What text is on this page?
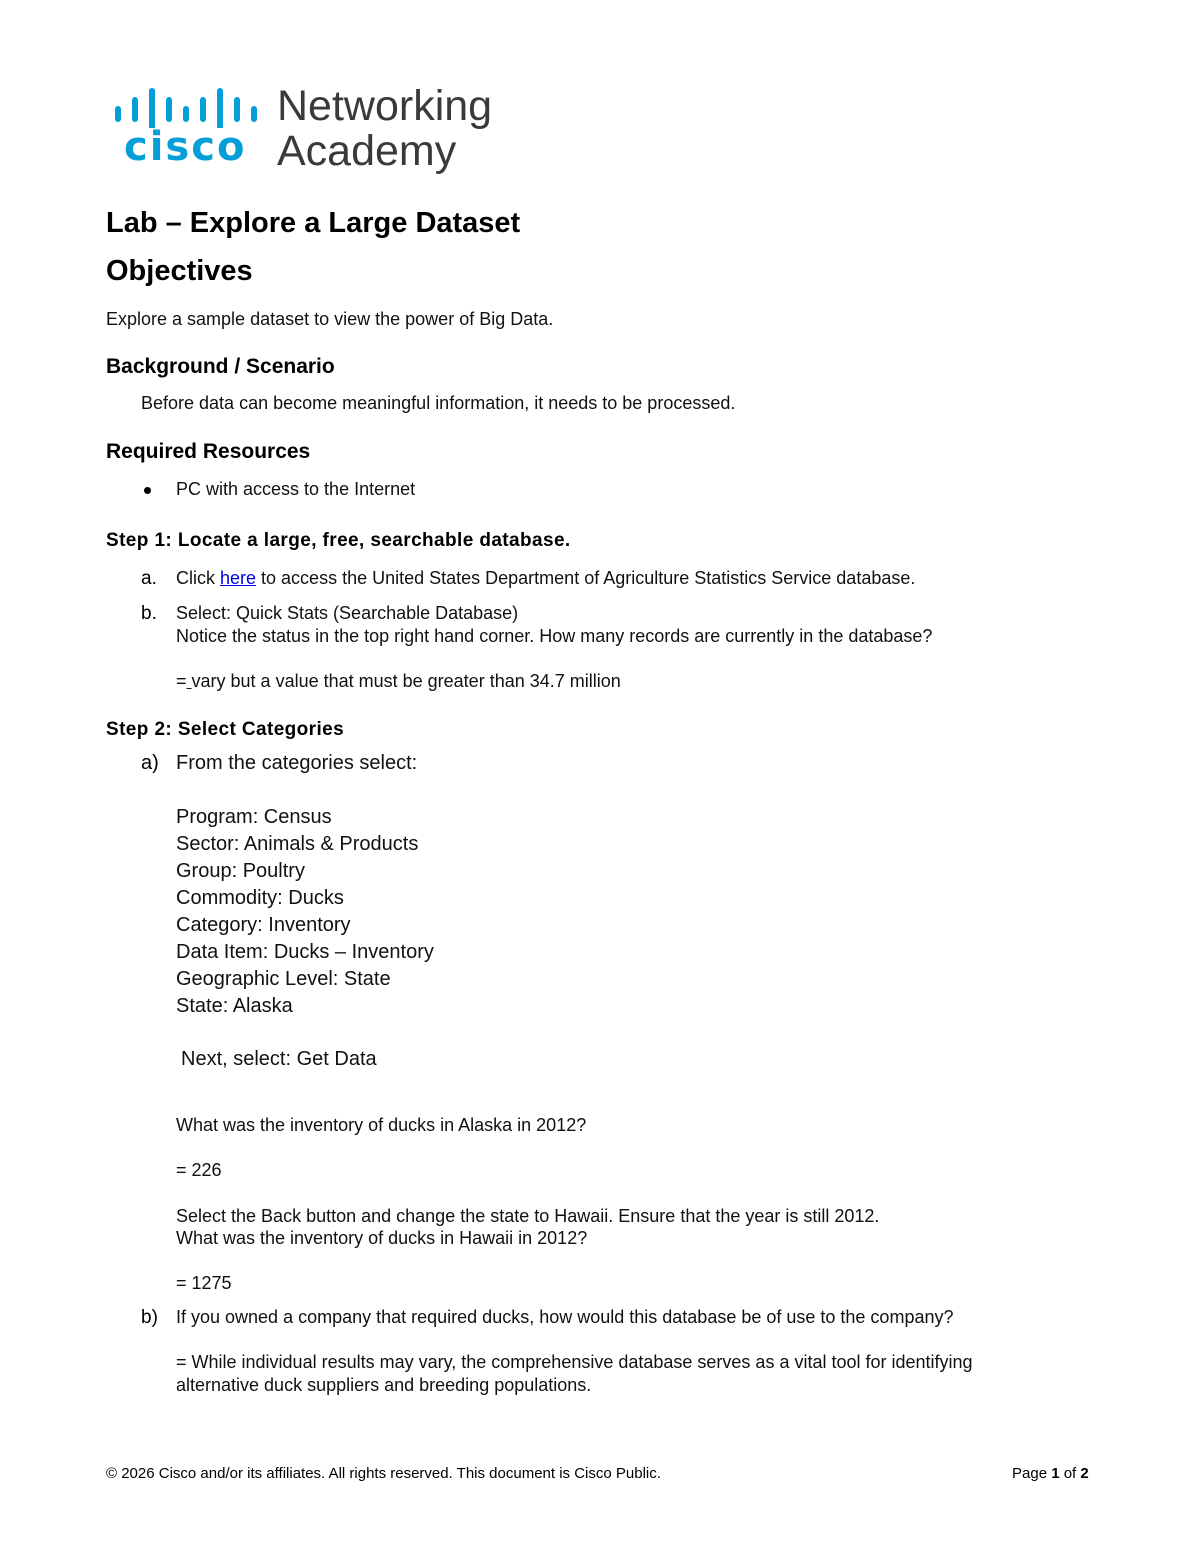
cisco
Networking
Academy
Lab – Explore a Large Dataset
Objectives
Explore a sample dataset to view the power of Big Data.
Background / Scenario
Before data can become meaningful information, it needs to be processed.
Required Resources
PC with access to the Internet
Step 1: Locate a large, free, searchable database.
a. Click here to access the United States Department of Agriculture Statistics Service database.
b. Select: Quick Stats (Searchable Database)
Notice the status in the top right hand corner. How many records are currently in the database?
= vary but a value that must be greater than 34.7 million
Step 2: Select Categories
a) From the categories select:
Program: Census
Sector: Animals & Products
Group: Poultry
Commodity: Ducks
Category: Inventory
Data Item: Ducks – Inventory
Geographic Level: State
State: Alaska
Next, select: Get Data
What was the inventory of ducks in Alaska in 2012?
= 226
Select the Back button and change the state to Hawaii. Ensure that the year is still 2012.
What was the inventory of ducks in Hawaii in 2012?
= 1275
b) If you owned a company that required ducks, how would this database be of use to the company?
= While individual results may vary, the comprehensive database serves as a vital tool for identifying
alternative duck suppliers and breeding populations.
© 2026 Cisco and/or its affiliates. All rights reserved. This document is Cisco Public.	Page 1 of 2
